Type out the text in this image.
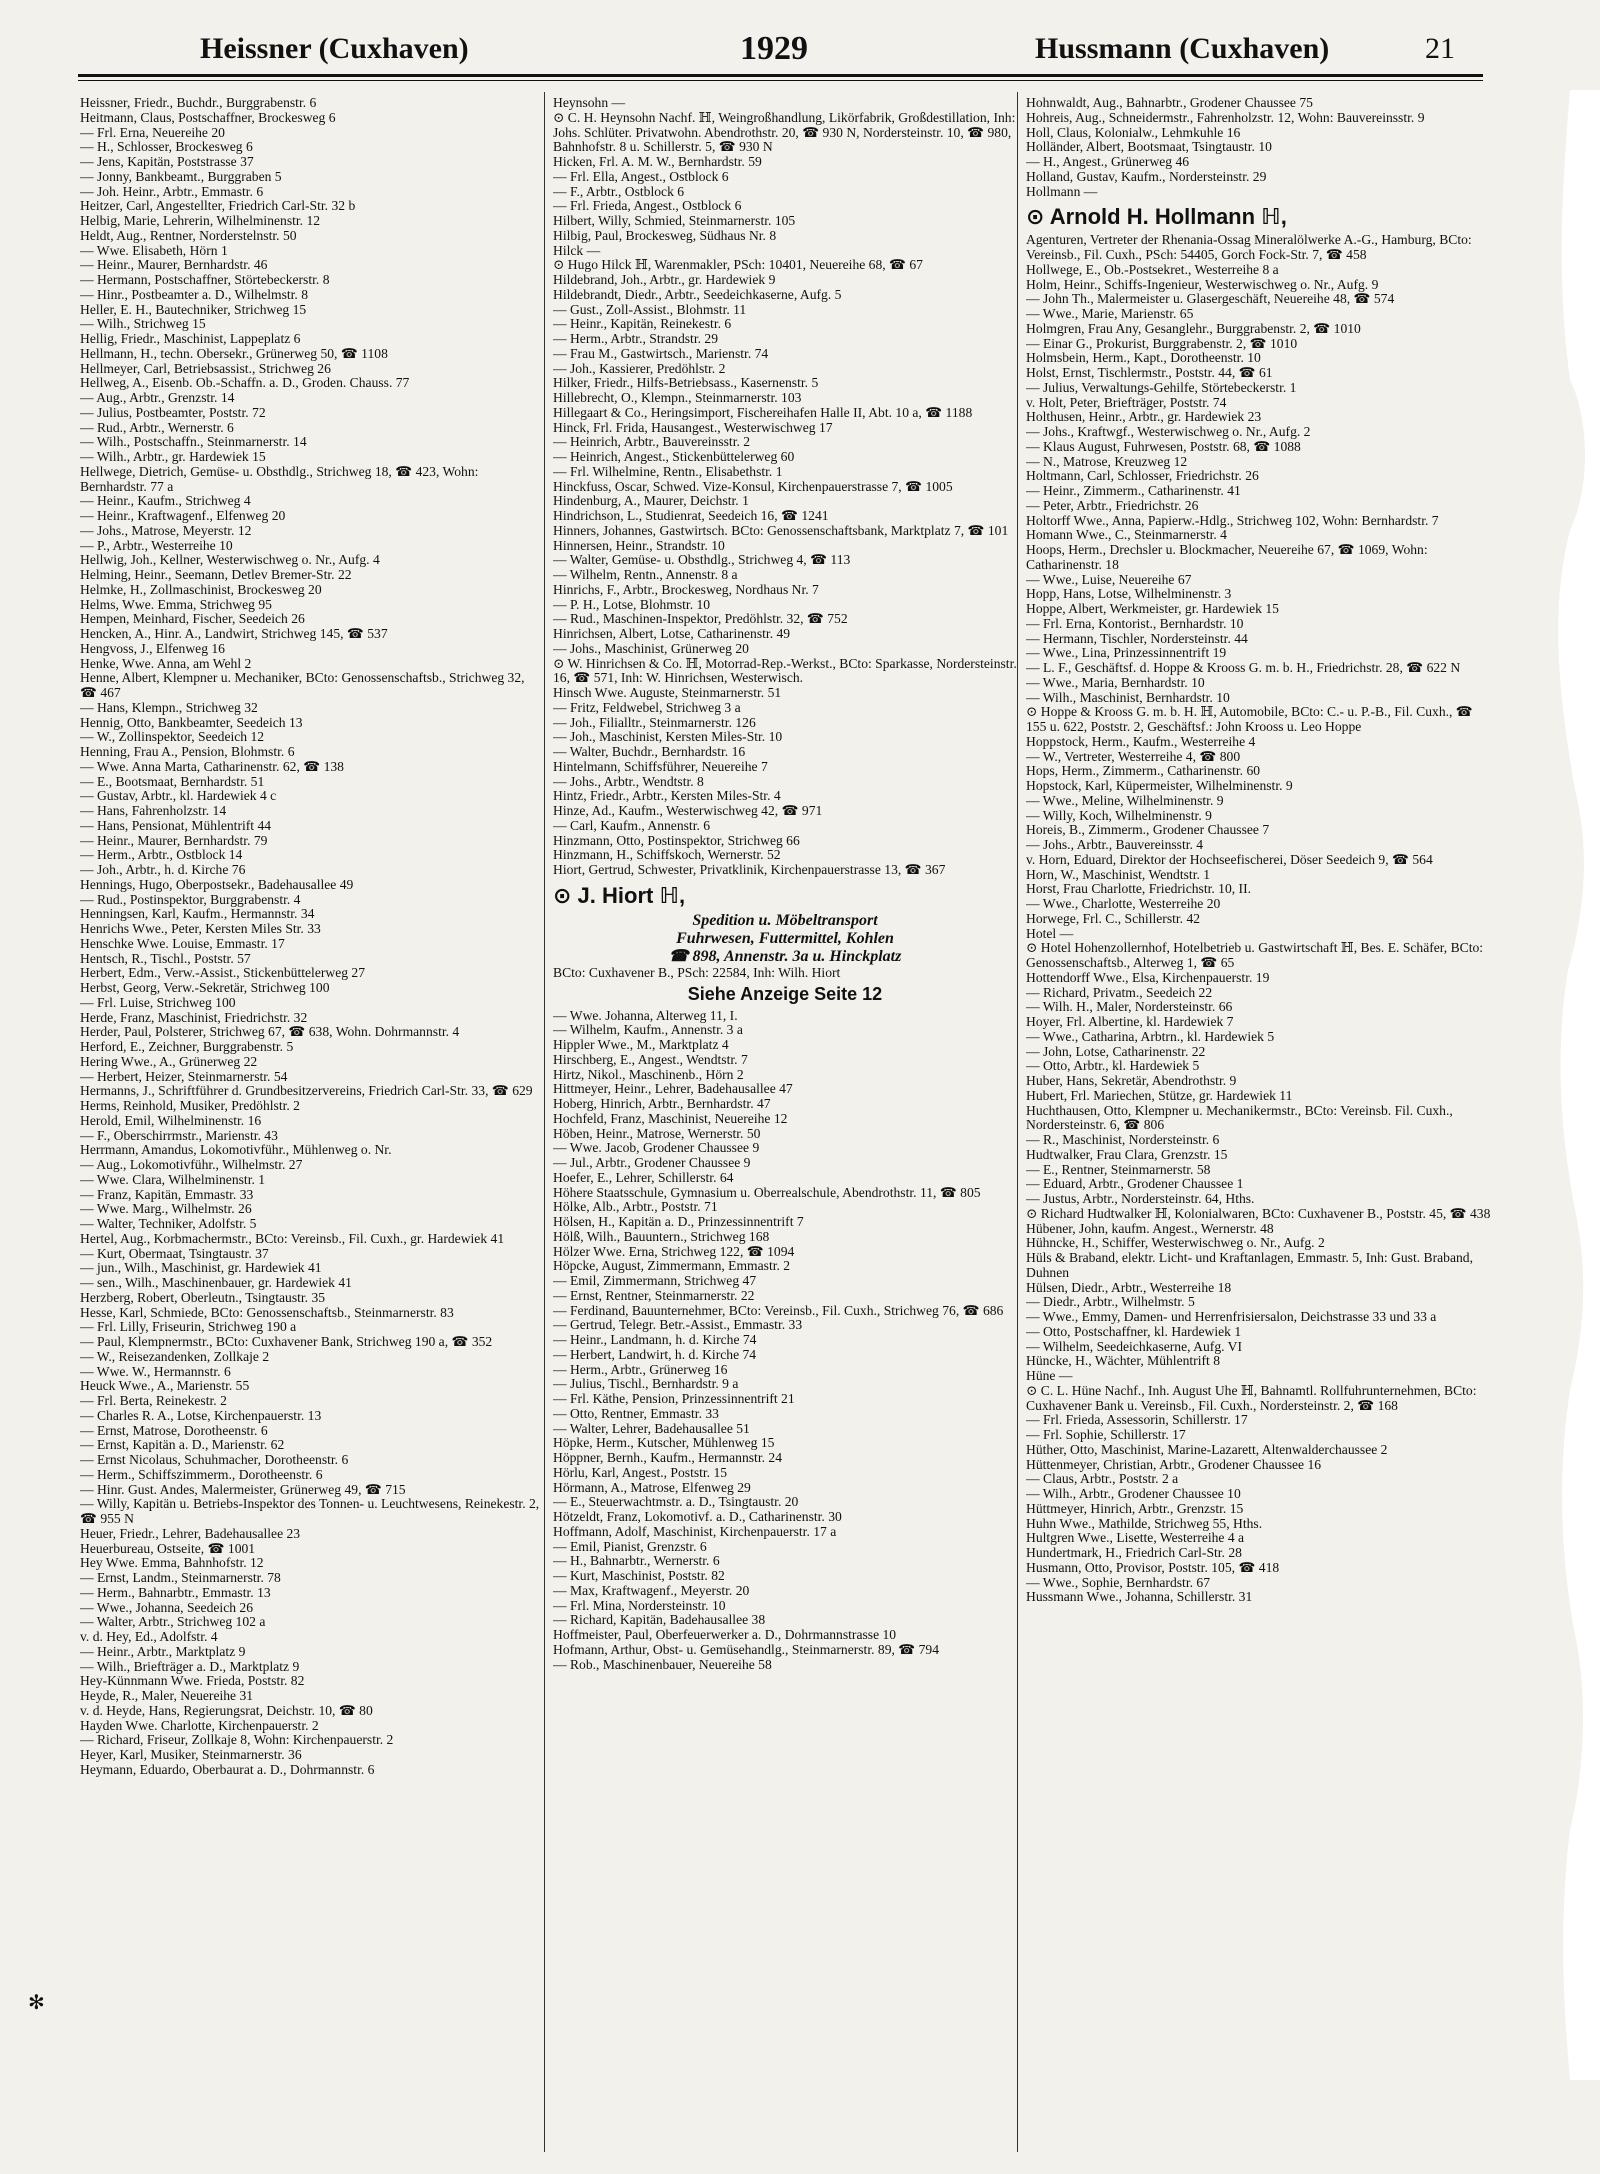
Heissner (Cuxhaven)	1929	Hussmann (Cuxhaven)	21
Heissner, Friedr., Buchdr., Burggrabenstr. 6
Heitmann, Claus, Postschaffner, Brockesweg 6
— Frl. Erna, Neuereihe 20
— H., Schlosser, Brockesweg 6
— Jens, Kapitän, Poststrasse 37
— Jonny, Bankbeamt., Burggraben 5
— Joh. Heinr., Arbtr., Emmastr. 6
Heitzer, Carl, Angestellter, Friedrich Carl-Str. 32 b
Helbig, Marie, Lehrerin, Wilhelminenstr. 12
Heldt, Aug., Rentner, Norderstelnstr. 50
— Wwe. Elisabeth, Hörn 1
— Heinr., Maurer, Bernhardstr. 46
— Hermann, Postschaffner, Störtebeckerstr. 8
— Hinr., Postbeamter a. D., Wilhelmstr. 8
Heller, E. H., Bautechniker, Strichweg 15
— Wilh., Strichweg 15
Hellig, Friedr., Maschinist, Lappeplatz 6
Hellmann, H., techn. Obersekr., Grünerweg 50, ☎ 1108
Hellmeyer, Carl, Betriebsassist., Strichweg 26
Hellweg, A., Eisenb. Ob.-Schaffn. a. D., Groden. Chauss. 77
— Aug., Arbtr., Grenzstr. 14
— Julius, Postbeamter, Poststr. 72
— Rud., Arbtr., Wernerstr. 6
— Wilh., Postschaffn., Steinmarnerstr. 14
— Wilh., Arbtr., gr. Hardewiek 15
Hellwege, Dietrich, Gemüse- u. Obsthdlg., Strichweg 18, ☎ 423, Wohn: Bernhardstr. 77 a
— Heinr., Kaufm., Strichweg 4
— Heinr., Kraftwagenf., Elfenweg 20
— Johs., Matrose, Meyerstr. 12
— P., Arbtr., Westerreihe 10
Hellwig, Joh., Kellner, Westerwischweg o. Nr., Aufg. 4
Helming, Heinr., Seemann, Detlev Bremer-Str. 22
Helmke, H., Zollmaschinist, Brockesweg 20
Helms, Wwe. Emma, Strichweg 95
Hempen, Meinhard, Fischer, Seedeich 26
Hencken, A., Hinr. A., Landwirt, Strichweg 145, ☎ 537
Hengvoss, J., Elfenweg 16
Henke, Wwe. Anna, am Wehl 2
Henne, Albert, Klempner u. Mechaniker, BCto: Genossenschaftsb., Strichweg 32, ☎ 467
— Hans, Klempn., Strichweg 32
Hennig, Otto, Bankbeamter, Seedeich 13
— W., Zollinspektor, Seedeich 12
Henning, Frau A., Pension, Blohmstr. 6
— Wwe. Anna Marta, Catharinenstr. 62, ☎ 138
— E., Bootsmaat, Bernhardstr. 51
— Gustav, Arbtr., kl. Hardewiek 4 c
— Hans, Fahrenholzstr. 14
— Hans, Pensionat, Mühlentrift 44
— Heinr., Maurer, Bernhardstr. 79
— Herm., Arbtr., Ostblock 14
— Joh., Arbtr., h. d. Kirche 76
Hennings, Hugo, Oberpostsekr., Badehausallee 49
— Rud., Postinspektor, Burggrabenstr. 4
Henningsen, Karl, Kaufm., Hermannstr. 34
Henrichs Wwe., Peter, Kersten Miles Str. 33
Henschke Wwe. Louise, Emmastr. 17
Hentsch, R., Tischl., Poststr. 57
Herbert, Edm., Verw.-Assist., Stickenbüttelerweg 27
Herbst, Georg, Verw.-Sekretär, Strichweg 100
— Frl. Luise, Strichweg 100
Herde, Franz, Maschinist, Friedrichstr. 32
Herder, Paul, Polsterer, Strichweg 67, ☎ 638, Wohn. Dohrmannstr. 4
Herford, E., Zeichner, Burggrabenstr. 5
Hering Wwe., A., Grünerweg 22
— Herbert, Heizer, Steinmarnerstr. 54
Hermanns, J., Schriftführer d. Grundbesitzervereins, Friedrich Carl-Str. 33, ☎ 629
Herms, Reinhold, Musiker, Predöhlstr. 2
Herold, Emil, Wilhelminenstr. 16
— F., Oberschirrmstr., Marienstr. 43
Herrmann, Amandus, Lokomotivführ., Mühlenweg o. Nr.
— Aug., Lokomotivführ., Wilhelmstr. 27
— Wwe. Clara, Wilhelminenstr. 1
— Franz, Kapitän, Emmastr. 33
— Wwe. Marg., Wilhelmstr. 26
— Walter, Techniker, Adolfstr. 5
Hertel, Aug., Korbmachermstr., BCto: Vereinsb., Fil. Cuxh., gr. Hardewiek 41
— Kurt, Obermaat, Tsingtaustr. 37
— jun., Wilh., Maschinist, gr. Hardewiek 41
— sen., Wilh., Maschinenbauer, gr. Hardewiek 41
Herzberg, Robert, Oberleutn., Tsingtaustr. 35
Hesse, Karl, Schmiede, BCto: Genossenschaftsb., Steinmarnerstr. 83
— Frl. Lilly, Friseurin, Strichweg 190 a
— Paul, Klempnermstr., BCto: Cuxhavener Bank, Strichweg 190 a, ☎ 352
— W., Reisezandenken, Zollkaje 2
— Wwe. W., Hermannstr. 6
Heuck Wwe., A., Marienstr. 55
— Frl. Berta, Reinekestr. 2
— Charles R. A., Lotse, Kirchenpauerstr. 13
— Ernst, Matrose, Dorotheenstr. 6
— Ernst, Kapitän a. D., Marienstr. 62
— Ernst Nicolaus, Schuhmacher, Dorotheenstr. 6
— Herm., Schiffszimmerm., Dorotheenstr. 6
— Hinr. Gust. Andes, Malermeister, Grünerweg 49, ☎ 715
— Willy, Kapitän u. Betriebs-Inspektor des Tonnen- u. Leuchtwesens, Reinekestr. 2, ☎ 955 N
Heuer, Friedr., Lehrer, Badehausallee 23
Heuerbureau, Ostseite, ☎ 1001
Hey Wwe. Emma, Bahnhofstr. 12
— Ernst, Landm., Steinmarnerstr. 78
— Herm., Bahnarbtr., Emmastr. 13
— Wwe., Johanna, Seedeich 26
— Walter, Arbtr., Strichweg 102 a
v. d. Hey, Ed., Adolfstr. 4
— Heinr., Arbtr., Marktplatz 9
— Wilh., Briefträger a. D., Marktplatz 9
Hey-Künnmann Wwe. Frieda, Poststr. 82
Heyde, R., Maler, Neuereihe 31
v. d. Heyde, Hans, Regierungsrat, Deichstr. 10, ☎ 80
Hayden Wwe. Charlotte, Kirchenpauerstr. 2
— Richard, Friseur, Zollkaje 8, Wohn: Kirchenpauerstr. 2
Heyer, Karl, Musiker, Steinmarnerstr. 36
Heymann, Eduardo, Oberbaurat a. D., Dohrmannstr. 6
Heynsohn —
⊙ C. H. Heynsohn Nachf. ℍ, Weingroßhandlung, Likörfabrik, Großdestillation, Inh: Johs. Schlüter. Privatwohn. Abendrothstr. 20, ☎ 930 N, Nordersteinstr. 10, ☎ 980, Bahnhofstr. 8 u. Schillerstr. 5, ☎ 930 N
Hicken, Frl. A. M. W., Bernhardstr. 59
— Frl. Ella, Angest., Ostblock 6
— F., Arbtr., Ostblock 6
— Frl. Frieda, Angest., Ostblock 6
Hilbert, Willy, Schmied, Steinmarnerstr. 105
Hilbig, Paul, Brockesweg, Südhaus Nr. 8
Hilck —
⊙ Hugo Hilck ℍ, Warenmakler, PSch: 10401, Neuereihe 68, ☎ 67
Hildebrand, Joh., Arbtr., gr. Hardewiek 9
Hildebrandt, Diedr., Arbtr., Seedeichkaserne, Aufg. 5
— Gust., Zoll-Assist., Blohmstr. 11
— Heinr., Kapitän, Reinekestr. 6
— Herm., Arbtr., Strandstr. 29
— Frau M., Gastwirtsch., Marienstr. 74
— Joh., Kassierer, Predöhlstr. 2
Hilker, Friedr., Hilfs-Betriebsass., Kasernenstr. 5
Hillebrecht, O., Klempn., Steinmarnerstr. 103
Hillegaart & Co., Heringsimport, Fischereihafen Halle II, Abt. 10 a, ☎ 1188
Hinck, Frl. Frida, Hausangest., Westerwischweg 17
— Heinrich, Arbtr., Bauvereinsstr. 2
— Heinrich, Angest., Stickenbüttelerweg 60
— Frl. Wilhelmine, Rentn., Elisabethstr. 1
Hinckfuss, Oscar, Schwed. Vize-Konsul, Kirchenpauerstrasse 7, ☎ 1005
Hindenburg, A., Maurer, Deichstr. 1
Hindrichson, L., Studienrat, Seedeich 16, ☎ 1241
Hinners, Johannes, Gastwirtsch. BCto: Genossenschaftsbank, Marktplatz 7, ☎ 101
Hinnersen, Heinr., Strandstr. 10
— Walter, Gemüse- u. Obsthdlg., Strichweg 4, ☎ 113
— Wilhelm, Rentn., Annenstr. 8 a
Hinrichs, F., Arbtr., Brockesweg, Nordhaus Nr. 7
— P. H., Lotse, Blohmstr. 10
— Rud., Maschinen-Inspektor, Predöhlstr. 32, ☎ 752
Hinrichsen, Albert, Lotse, Catharinenstr. 49
— Johs., Maschinist, Grünerweg 20
⊙ W. Hinrichsen & Co. ℍ, Motorrad-Rep.-Werkst., BCto: Sparkasse, Nordersteinstr. 16, ☎ 571, Inh: W. Hinrichsen, Westerwisch.
Hinsch Wwe. Auguste, Steinmarnerstr. 51
— Fritz, Feldwebel, Strichweg 3 a
— Joh., Filialltr., Steinmarnerstr. 126
— Joh., Maschinist, Kersten Miles-Str. 10
— Walter, Buchdr., Bernhardstr. 16
Hintelmann, Schiffsführer, Neuereihe 7
— Johs., Arbtr., Wendtstr. 8
Hintz, Friedr., Arbtr., Kersten Miles-Str. 4
Hinze, Ad., Kaufm., Westerwischweg 42, ☎ 971
— Carl, Kaufm., Annenstr. 6
Hinzmann, Otto, Postinspektor, Strichweg 66
Hinzmann, H., Schiffskoch, Wernerstr. 52
Hiort, Gertrud, Schwester, Privatklinik, Kirchenpauerstrasse 13, ☎ 367
⊙ J. Hiort ℍ,
Spedition u. Möbeltransport
Fuhrwesen, Futtermittel, Kohlen
☎ 898, Annenstr. 3a u. Hinckplatz
BCto: Cuxhavener B., PSch: 22584, Inh: Wilh. Hiort
Siehe Anzeige Seite 12
— Wwe. Johanna, Alterweg 11, I.
— Wilhelm, Kaufm., Annenstr. 3 a
Hippler Wwe., M., Marktplatz 4
Hirschberg, E., Angest., Wendtstr. 7
Hirtz, Nikol., Maschinenb., Hörn 2
Hittmeyer, Heinr., Lehrer, Badehausallee 47
Hoberg, Hinrich, Arbtr., Bernhardstr. 47
Hochfeld, Franz, Maschinist, Neuereihe 12
Höben, Heinr., Matrose, Wernerstr. 50
— Wwe. Jacob, Grodener Chaussee 9
— Jul., Arbtr., Grodener Chaussee 9
Hoefer, E., Lehrer, Schillerstr. 64
Höhere Staatsschule, Gymnasium u. Oberrealschule, Abendrothstr. 11, ☎ 805
Hölke, Alb., Arbtr., Poststr. 71
Hölsen, H., Kapitän a. D., Prinzessinnentrift 7
Hölß, Wilh., Bauuntern., Strichweg 168
Hölzer Wwe. Erna, Strichweg 122, ☎ 1094
Höpcke, August, Zimmermann, Emmastr. 2
— Emil, Zimmermann, Strichweg 47
— Ernst, Rentner, Steinmarnerstr. 22
— Ferdinand, Bauunternehmer, BCto: Vereinsb., Fil. Cuxh., Strichweg 76, ☎ 686
— Gertrud, Telegr. Betr.-Assist., Emmastr. 33
— Heinr., Landmann, h. d. Kirche 74
— Herbert, Landwirt, h. d. Kirche 74
— Herm., Arbtr., Grünerweg 16
— Julius, Tischl., Bernhardstr. 9 a
— Frl. Käthe, Pension, Prinzessinnentrift 21
— Otto, Rentner, Emmastr. 33
— Walter, Lehrer, Badehausallee 51
Höpke, Herm., Kutscher, Mühlenweg 15
Höppner, Bernh., Kaufm., Hermannstr. 24
Hörlu, Karl, Angest., Poststr. 15
Hörmann, A., Matrose, Elfenweg 29
— E., Steuerwachtmstr. a. D., Tsingtaustr. 20
Hötzeldt, Franz, Lokomotivf. a. D., Catharinenstr. 30
Hoffmann, Adolf, Maschinist, Kirchenpauerstr. 17 a
— Emil, Pianist, Grenzstr. 6
— H., Bahnarbtr., Wernerstr. 6
— Kurt, Maschinist, Poststr. 82
— Max, Kraftwagenf., Meyerstr. 20
— Frl. Mina, Nordersteinstr. 10
— Richard, Kapitän, Badehausallee 38
Hoffmeister, Paul, Oberfeuerwerker a. D., Dohrmannstrasse 10
Hofmann, Arthur, Obst- u. Gemüsehandlg., Steinmarnerstr. 89, ☎ 794
— Rob., Maschinenbauer, Neuereihe 58
Hohnwaldt, Aug., Bahnarbtr., Grodener Chaussee 75
Hohreis, Aug., Schneidermstr., Fahrenholzstr. 12, Wohn: Bauvereinsstr. 9
Holl, Claus, Kolonialw., Lehmkuhle 16
Holländer, Albert, Bootsmaat, Tsingtaustr. 10
— H., Angest., Grünerweg 46
Holland, Gustav, Kaufm., Nordersteinstr. 29
Hollmann —
⊙ Arnold H. Hollmann ℍ,
Agenturen, Vertreter der Rhenania-Ossag Mineralölwerke A.-G., Hamburg, BCto: Vereinsb., Fil. Cuxh., PSch: 54405, Gorch Fock-Str. 7, ☎ 458
Hollwege, E., Ob.-Postsekret., Westerreihe 8 a
Holm, Heinr., Schiffs-Ingenieur, Westerwischweg o. Nr., Aufg. 9
— John Th., Malermeister u. Glasergeschäft, Neuereihe 48, ☎ 574
— Wwe., Marie, Marienstr. 65
Holmgren, Frau Any, Gesanglehr., Burggrabenstr. 2, ☎ 1010
— Einar G., Prokurist, Burggrabenstr. 2, ☎ 1010
Holmsbein, Herm., Kapt., Dorotheenstr. 10
Holst, Ernst, Tischlermstr., Poststr. 44, ☎ 61
— Julius, Verwaltungs-Gehilfe, Störtebeckerstr. 1
v. Holt, Peter, Briefträger, Poststr. 74
Holthusen, Heinr., Arbtr., gr. Hardewiek 23
— Johs., Kraftwgf., Westerwischweg o. Nr., Aufg. 2
— Klaus August, Fuhrwesen, Poststr. 68, ☎ 1088
— N., Matrose, Kreuzweg 12
Holtmann, Carl, Schlosser, Friedrichstr. 26
— Heinr., Zimmerm., Catharinenstr. 41
— Peter, Arbtr., Friedrichstr. 26
Holtorff Wwe., Anna, Papierw.-Hdlg., Strichweg 102, Wohn: Bernhardstr. 7
Homann Wwe., C., Steinmarnerstr. 4
Hoops, Herm., Drechsler u. Blockmacher, Neuereihe 67, ☎ 1069, Wohn: Catharinenstr. 18
— Wwe., Luise, Neuereihe 67
Hopp, Hans, Lotse, Wilhelminenstr. 3
Hoppe, Albert, Werkmeister, gr. Hardewiek 15
— Frl. Erna, Kontorist., Bernhardstr. 10
— Hermann, Tischler, Nordersteinstr. 44
— Wwe., Lina, Prinzessinnentrift 19
— L. F., Geschäftsf. d. Hoppe & Krooss G. m. b. H., Friedrichstr. 28, ☎ 622 N
— Wwe., Maria, Bernhardstr. 10
— Wilh., Maschinist, Bernhardstr. 10
⊙ Hoppe & Krooss G. m. b. H. ℍ, Automobile, BCto: C.- u. P.-B., Fil. Cuxh., ☎ 155 u. 622, Poststr. 2, Geschäftsf.: John Krooss u. Leo Hoppe
Hoppstock, Herm., Kaufm., Westerreihe 4
— W., Vertreter, Westerreihe 4, ☎ 800
Hops, Herm., Zimmerm., Catharinenstr. 60
Hopstock, Karl, Küpermeister, Wilhelminenstr. 9
— Wwe., Meline, Wilhelminenstr. 9
— Willy, Koch, Wilhelminenstr. 9
Horeis, B., Zimmerm., Grodener Chaussee 7
— Johs., Arbtr., Bauvereinsstr. 4
v. Horn, Eduard, Direktor der Hochseefischerei, Döser Seedeich 9, ☎ 564
Horn, W., Maschinist, Wendtstr. 1
Horst, Frau Charlotte, Friedrichstr. 10, II.
— Wwe., Charlotte, Westerreihe 20
Horwege, Frl. C., Schillerstr. 42
Hotel —
⊙ Hotel Hohenzollernhof, Hotelbetrieb u. Gastwirtschaft ℍ, Bes. E. Schäfer, BCto: Genossenschaftsb., Alterweg 1, ☎ 65
Hottendorff Wwe., Elsa, Kirchenpauerstr. 19
— Richard, Privatm., Seedeich 22
— Wilh. H., Maler, Nordersteinstr. 66
Hoyer, Frl. Albertine, kl. Hardewiek 7
— Wwe., Catharina, Arbtrn., kl. Hardewiek 5
— John, Lotse, Catharinenstr. 22
— Otto, Arbtr., kl. Hardewiek 5
Huber, Hans, Sekretär, Abendrothstr. 9
Hubert, Frl. Mariechen, Stütze, gr. Hardewiek 11
Huchthausen, Otto, Klempner u. Mechanikermstr., BCto: Vereinsb. Fil. Cuxh., Nordersteinstr. 6, ☎ 806
— R., Maschinist, Nordersteinstr. 6
Hudtwalker, Frau Clara, Grenzstr. 15
— E., Rentner, Steinmarnerstr. 58
— Eduard, Arbtr., Grodener Chaussee 1
— Justus, Arbtr., Nordersteinstr. 64, Hths.
⊙ Richard Hudtwalker ℍ, Kolonialwaren, BCto: Cuxhavener B., Poststr. 45, ☎ 438
Hübener, John, kaufm. Angest., Wernerstr. 48
Hühncke, H., Schiffer, Westerwischweg o. Nr., Aufg. 2
Hüls & Braband, elektr. Licht- und Kraftanlagen, Emmastr. 5, Inh: Gust. Braband, Duhnen
Hülsen, Diedr., Arbtr., Westerreihe 18
— Diedr., Arbtr., Wilhelmstr. 5
— Wwe., Emmy, Damen- und Herrenfrisiersalon, Deichstrasse 33 und 33 a
— Otto, Postschaffner, kl. Hardewiek 1
— Wilhelm, Seedeichkaserne, Aufg. VI
Hüncke, H., Wächter, Mühlentrift 8
Hüne —
⊙ C. L. Hüne Nachf., Inh. August Uhe ℍ, Bahnamtl. Rollfuhrunternehmen, BCto: Cuxhavener Bank u. Vereinsb., Fil. Cuxh., Nordersteinstr. 2, ☎ 168
— Frl. Frieda, Assessorin, Schillerstr. 17
— Frl. Sophie, Schillerstr. 17
Hüther, Otto, Maschinist, Marine-Lazarett, Altenwalderchaussee 2
Hüttenmeyer, Christian, Arbtr., Grodener Chaussee 16
— Claus, Arbtr., Poststr. 2 a
— Wilh., Arbtr., Grodener Chaussee 10
Hüttmeyer, Hinrich, Arbtr., Grenzstr. 15
Huhn Wwe., Mathilde, Strichweg 55, Hths.
Hultgren Wwe., Lisette, Westerreihe 4 a
Hundertmark, H., Friedrich Carl-Str. 28
Husmann, Otto, Provisor, Poststr. 105, ☎ 418
— Wwe., Sophie, Bernhardstr. 67
Hussmann Wwe., Johanna, Schillerstr. 31
✻
